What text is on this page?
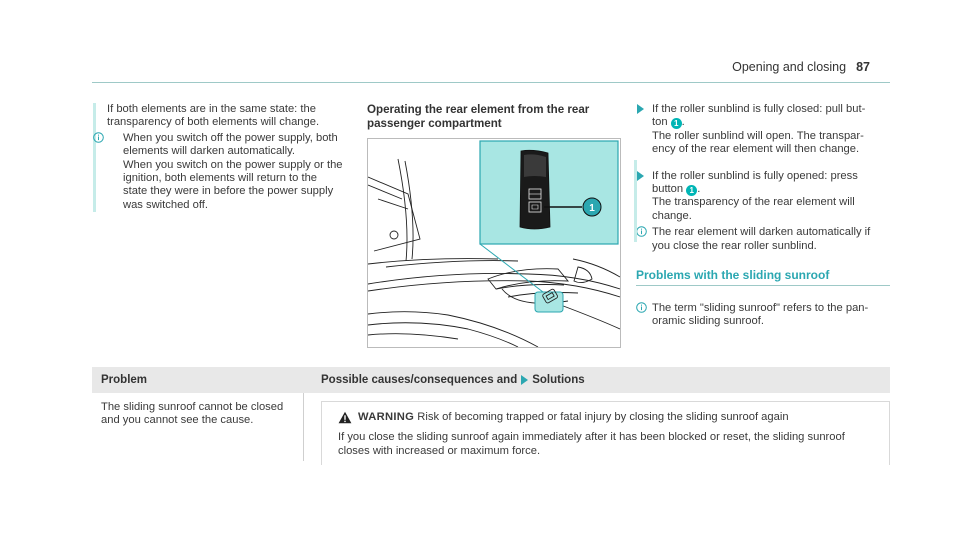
Opening and closing 87
If both elements are in the same state: the transparency of both elements will change.
When you switch off the power supply, both
elements will darken automatically.
When you switch on the power supply or the
ignition, both elements will return to the
state they were in before the power supply
was switched off.
Operating the rear element from the rear
passenger compartment
1
If the roller sunblind is fully closed: pull but-
ton 1 .
The roller sunblind will open. The transpar-
ency of the rear element will then change.
If the roller sunblind is fully opened: press
button 1 .
The transparency of the rear element will
change.
The rear element will darken automatically if
you close the rear roller sunblind.
Problems with the sliding sunroof
The term "sliding sunroof" refers to the pan-
oramic sliding sunroof.
Problem	Possible causes/consequences and Solutions
The sliding sunroof cannot be closed
and you cannot see the cause.	WARNING
Risk of becoming trapped or fatal injury by closing the sliding sunroof again
If you close the sliding sunroof again immediately after it has been blocked or reset, the sliding sunroof
closes with increased or maximum force.
